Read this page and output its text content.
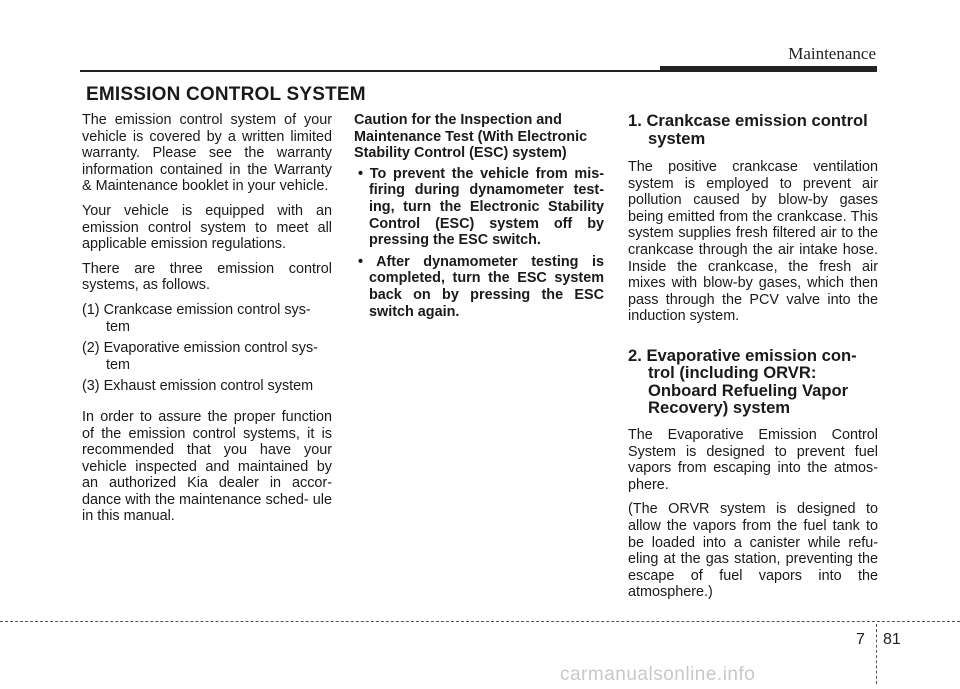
Maintenance
EMISSION CONTROL SYSTEM

The emission control system of your vehicle is covered by a written limited warranty. Please see the warranty information contained in the Warranty & Maintenance booklet in your vehicle.

Your vehicle is equipped with an emission control system to meet all applicable emission regulations.

There are three emission control systems, as follows.

(1) Crankcase emission control sys- tem
(2) Evaporative emission control sys- tem
(3) Exhaust emission control system

In order to assure the proper function of the emission control systems, it is recommended that you have your vehicle inspected and maintained by an authorized Kia dealer in accor- dance with the maintenance sched- ule in this manual.

Caution for the Inspection and Maintenance Test (With Electronic Stability Control (ESC) system)
• To prevent the vehicle from mis- firing during dynamometer test- ing, turn the Electronic Stability Control (ESC) system off by pressing the ESC switch.
• After dynamometer testing is completed, turn the ESC system back on by pressing the ESC switch again.
1. Crankcase emission control system

The positive crankcase ventilation system is employed to prevent air pollution caused by blow-by gases being emitted from the crankcase. This system supplies fresh filtered air to the crankcase through the air intake hose. Inside the crankcase, the fresh air mixes with blow-by gases, which then pass through the PCV valve into the induction system.

2. Evaporative emission con- trol (including ORVR: Onboard Refueling Vapor Recovery) system

The Evaporative Emission Control System is designed to prevent fuel vapors from escaping into the atmos- phere.

(The ORVR system is designed to allow the vapors from the fuel tank to be loaded into a canister while refu- eling at the gas station, preventing the escape of fuel vapors into the atmosphere.)

7 81
carmanualsonline.info
